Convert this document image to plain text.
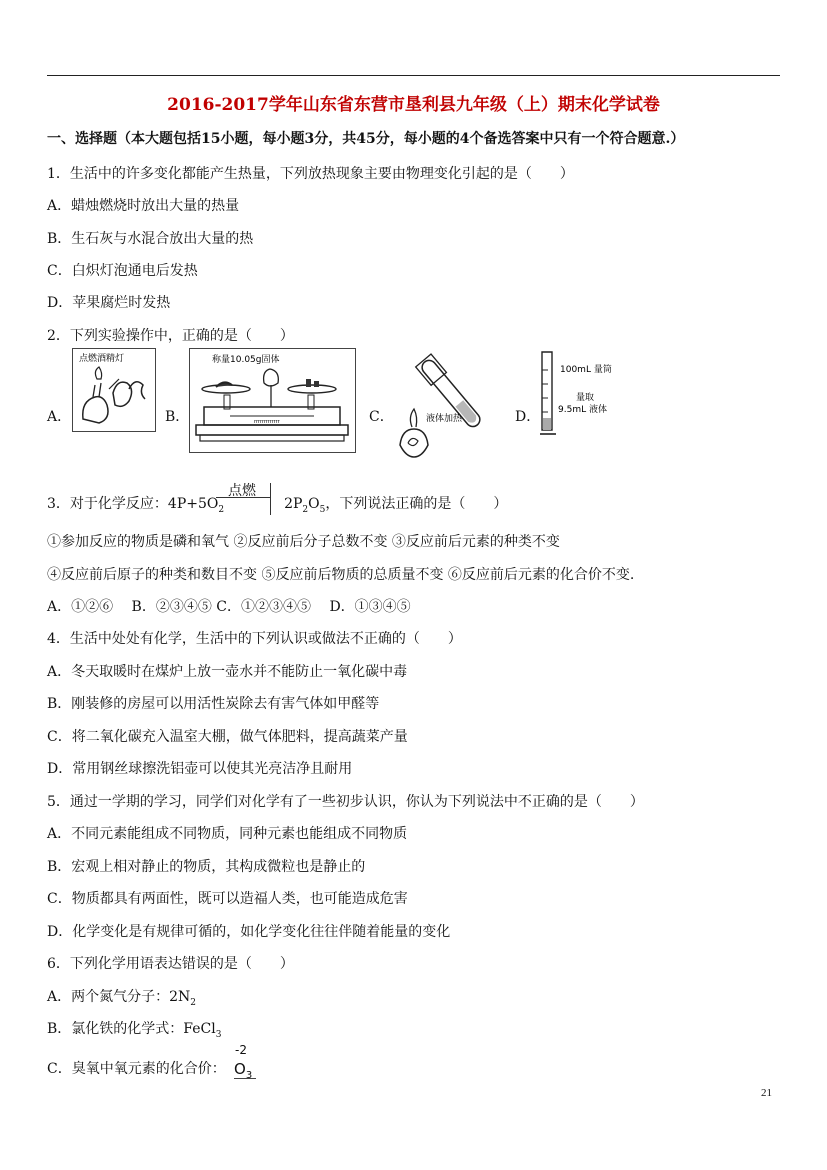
2016-2017学年山东省东营市垦利县九年级（上）期末化学试卷
一、选择题（本大题包括15小题，每小题3分，共45分，每小题的4个备选答案中只有一个符合题意.）
1．生活中的许多变化都能产生热量，下列放热现象主要由物理变化引起的是（　　）
A．蜡烛燃烧时放出大量的热量
B．生石灰与水混合放出大量的热
C．白炽灯泡通电后发热
D．苹果腐烂时发热
2．下列实验操作中，正确的是（　　）
A．
点燃酒精灯
B．
称量10.05g固体
rrrrrrrrrrrrr	C．	液体加热	D．
100mL 量筒
量取
9.5mL 液体
3．对于化学反应：$4P+5O_2$	$2P_2O_5$，下列说法正确的是（　　）
点燃
①参加反应的物质是磷和氧气 ②反应前后分子总数不变 ③反应前后元素的种类不变
④反应前后原子的种类和数目不变 ⑤反应前后物质的总质量不变 ⑥反应前后元素的化合价不变.
A．①②⑥　 B．②③④⑤ C．①②③④⑤　 D．①③④⑤
4．生活中处处有化学，生活中的下列认识或做法不正确的（　　）
A．冬天取暖时在煤炉上放一壶水并不能防止一氧化碳中毒
B．刚装修的房屋可以用活性炭除去有害气体如甲醛等
C．将二氧化碳充入温室大棚，做气体肥料，提高蔬菜产量
D．常用钢丝球擦洗铝壶可以使其光亮洁净且耐用
5．通过一学期的学习，同学们对化学有了一些初步认识，你认为下列说法中不正确的是（　　）
A．不同元素能组成不同物质，同种元素也能组成不同物质
B．宏观上相对静止的物质，其构成微粒也是静止的
C．物质都具有两面性，既可以造福人类，也可能造成危害
D．化学变化是有规律可循的，如化学变化往往伴随着能量的变化
6．下列化学用语表达错误的是（　　）
A．两个氮气分子：$2N_2$
B．氯化铁的化学式：FeCl$_3$
C．臭氧中氧元素的化合价：
-2
$O_3$
21
